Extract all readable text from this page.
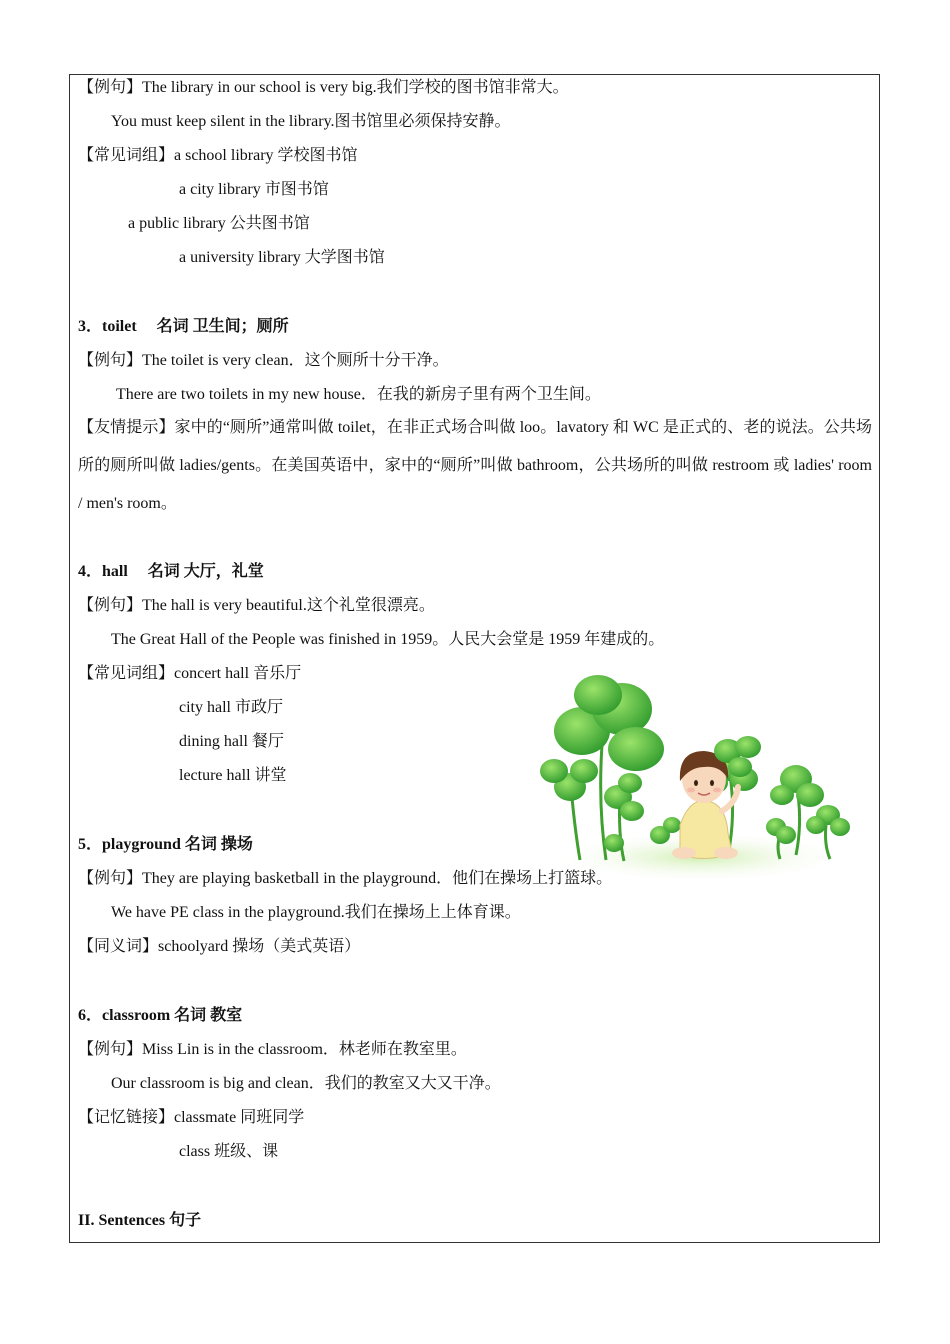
【例句】The library in our school is very big.我们学校的图书馆非常大。
You must keep silent in the library.图书馆里必须保持安静。
【常见词组】a school library 学校图书馆
a city library 市图书馆
a public library 公共图书馆
a university library 大学图书馆
3．toilet　 名词 卫生间；厕所
【例句】The toilet is very clean．这个厕所十分干净。
There are two toilets in my new house．在我的新房子里有两个卫生间。
【友情提示】家中的“厕所”通常叫做 toilet，在非正式场合叫做 loo。lavatory 和 WC 是正式的、老的说法。公共场所的厕所叫做 ladies/gents。在美国英语中，家中的“厕所”叫做 bathroom，公共场所的叫做 restroom 或 ladies' room / men's room。
4．hall　 名词 大厅，礼堂
【例句】The hall is very beautiful.这个礼堂很漂亮。
The Great Hall of the People was finished in 1959。人民大会堂是 1959 年建成的。
【常见词组】concert hall 音乐厅
city hall 市政厅
dining hall 餐厅
lecture hall 讲堂
5．playground 名词 操场
【例句】They are playing basketball in the playground．他们在操场上打篮球。
We have PE class in the playground.我们在操场上上体育课。
【同义词】schoolyard 操场（美式英语）
6．classroom 名词 教室
【例句】Miss Lin is in the classroom．林老师在教室里。
Our classroom is big and clean．我们的教室又大又干净。
【记忆链接】classmate 同班同学
class 班级、课
II. Sentences 句子
